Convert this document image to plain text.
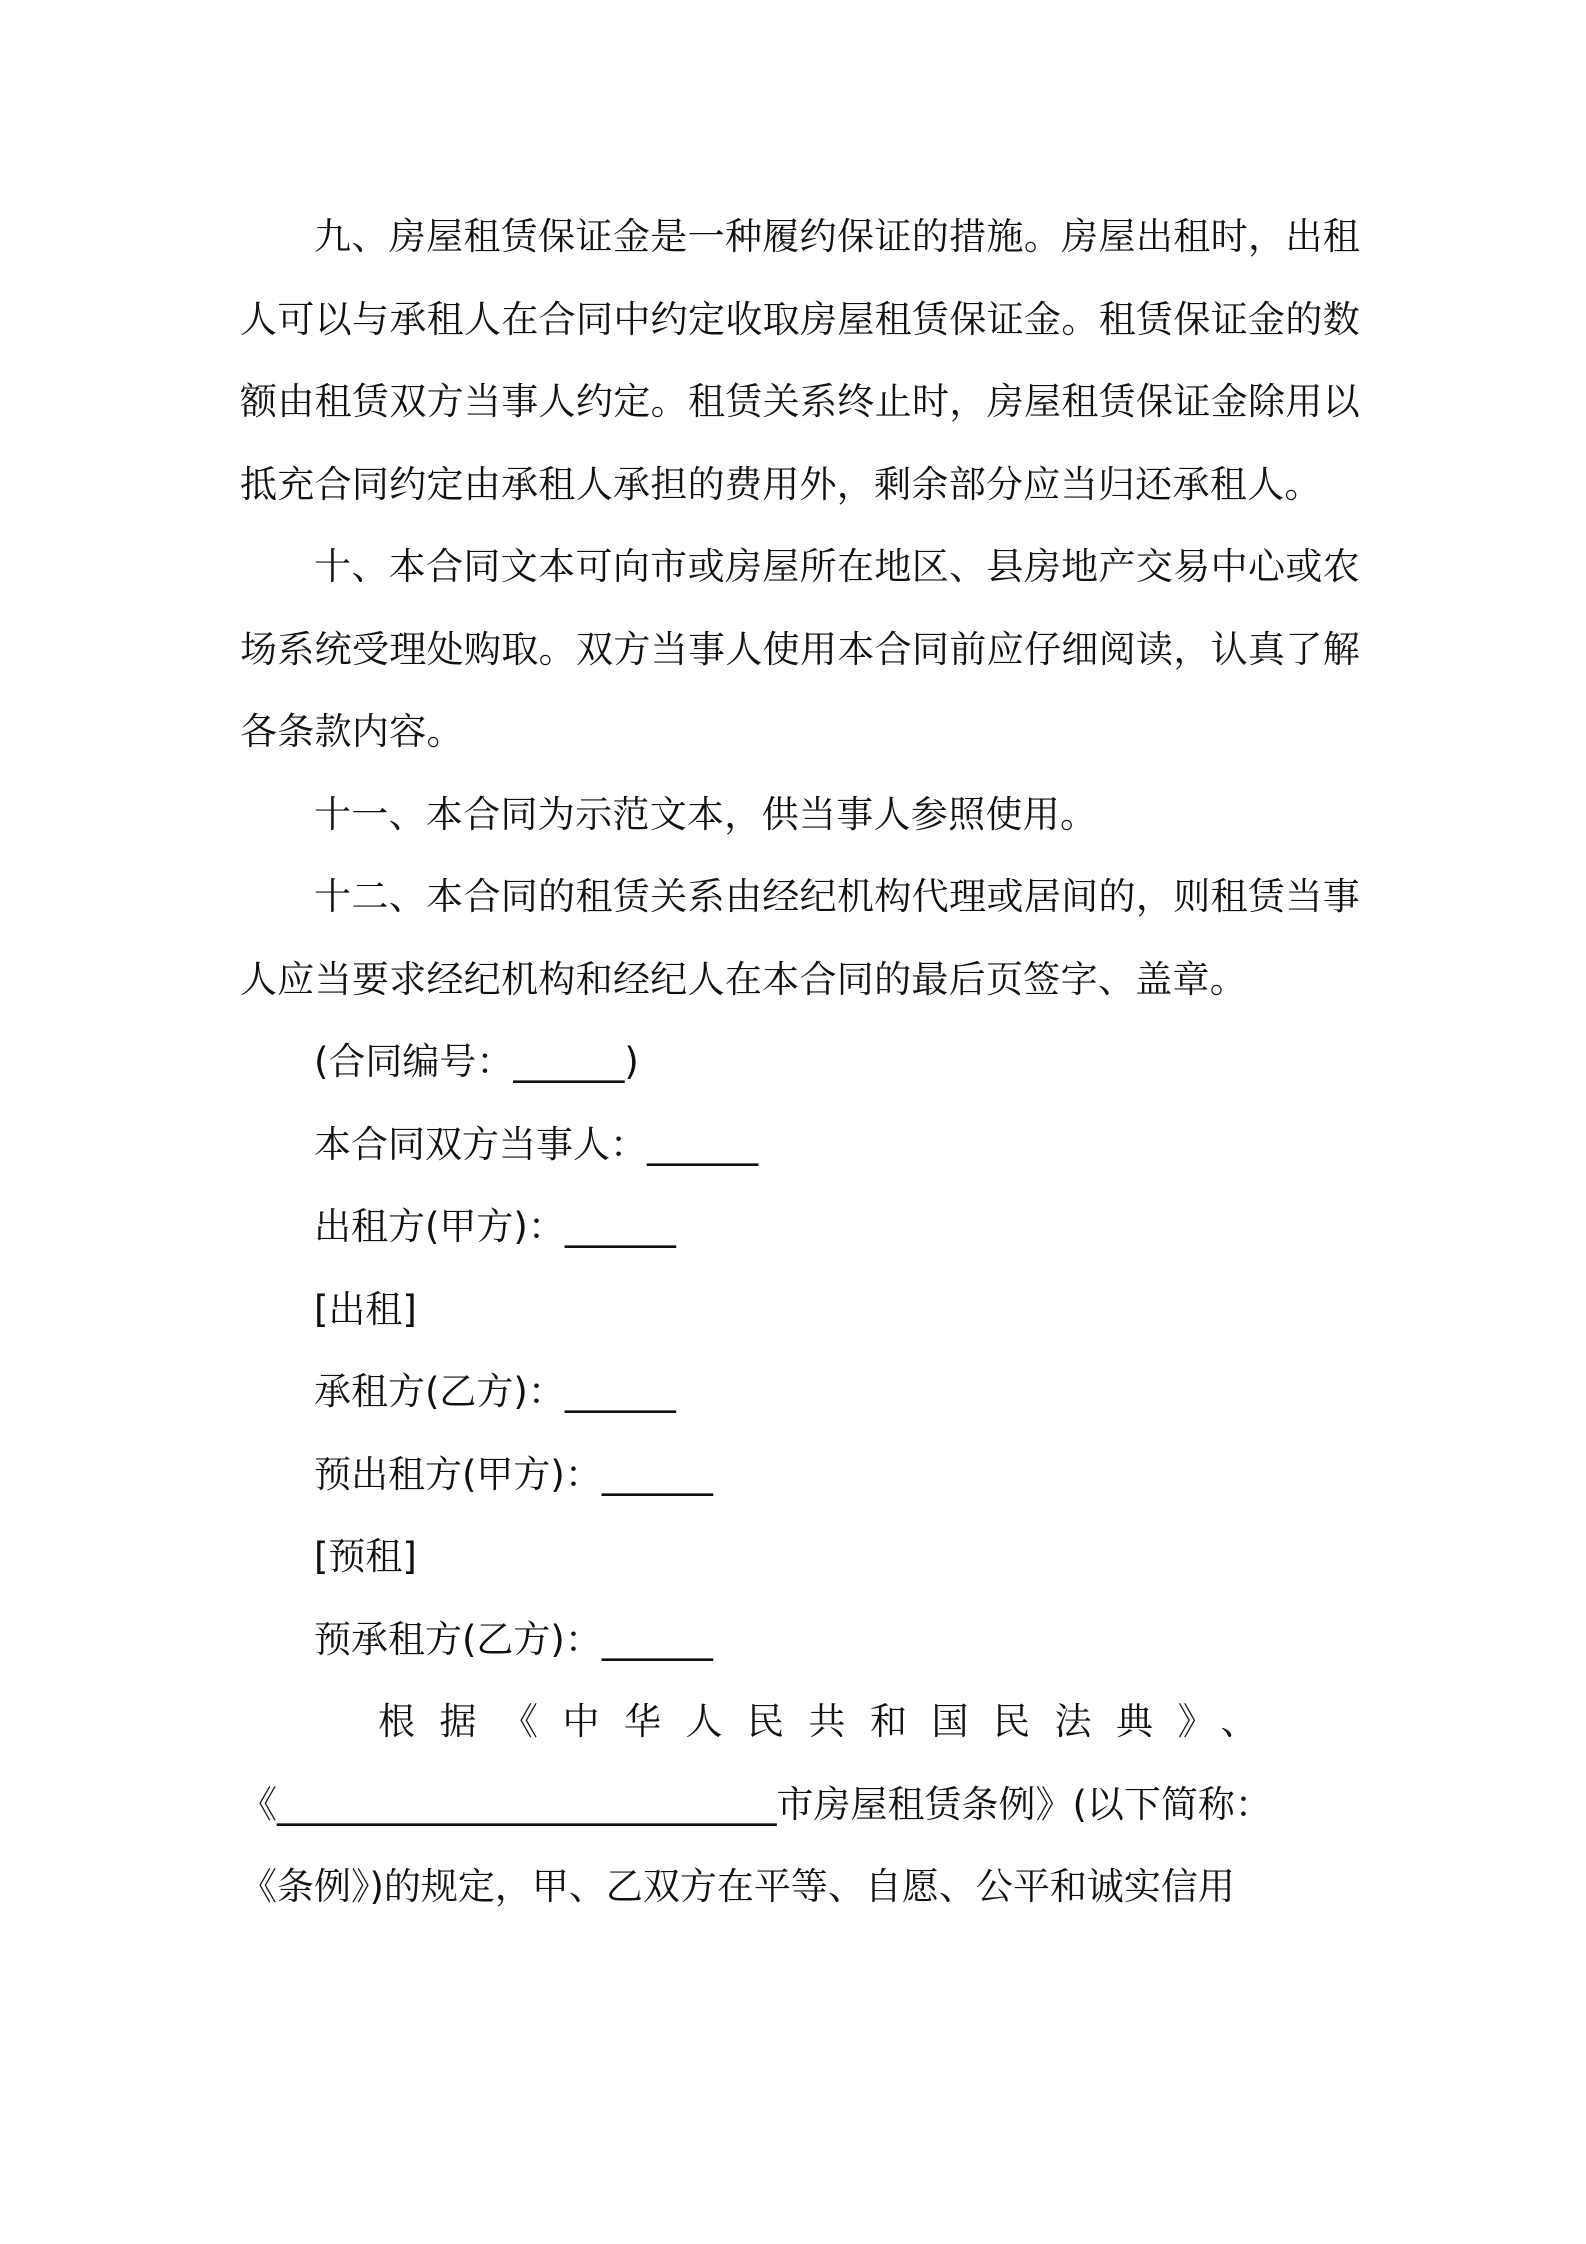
九、房屋租赁保证金是一种履约保证的措施。房屋出租时，出租人可以与承租人在合同中约定收取房屋租赁保证金。租赁保证金的数额由租赁双方当事人约定。租赁关系终止时，房屋租赁保证金除用以抵充合同约定由承租人承担的费用外，剩余部分应当归还承租人。

十、本合同文本可向市或房屋所在地区、县房地产交易中心或农场系统受理处购取。双方当事人使用本合同前应仔细阅读，认真了解各条款内容。

十一、本合同为示范文本，供当事人参照使用。

十二、本合同的租赁关系由经纪机构代理或居间的，则租赁当事人应当要求经纪机构和经纪人在本合同的最后页签字、盖章。

(合同编号：______)

本合同双方当事人：______

出租方(甲方)：______

[出租]

承租方(乙方)：______

预出租方(甲方)：______

[预租]

预承租方(乙方)：______

根据《中华人民共和国民法典》、

《___________________________市房屋租赁条例》(以下简称：

《条例》)的规定，甲、乙双方在平等、自愿、公平和诚实信用
